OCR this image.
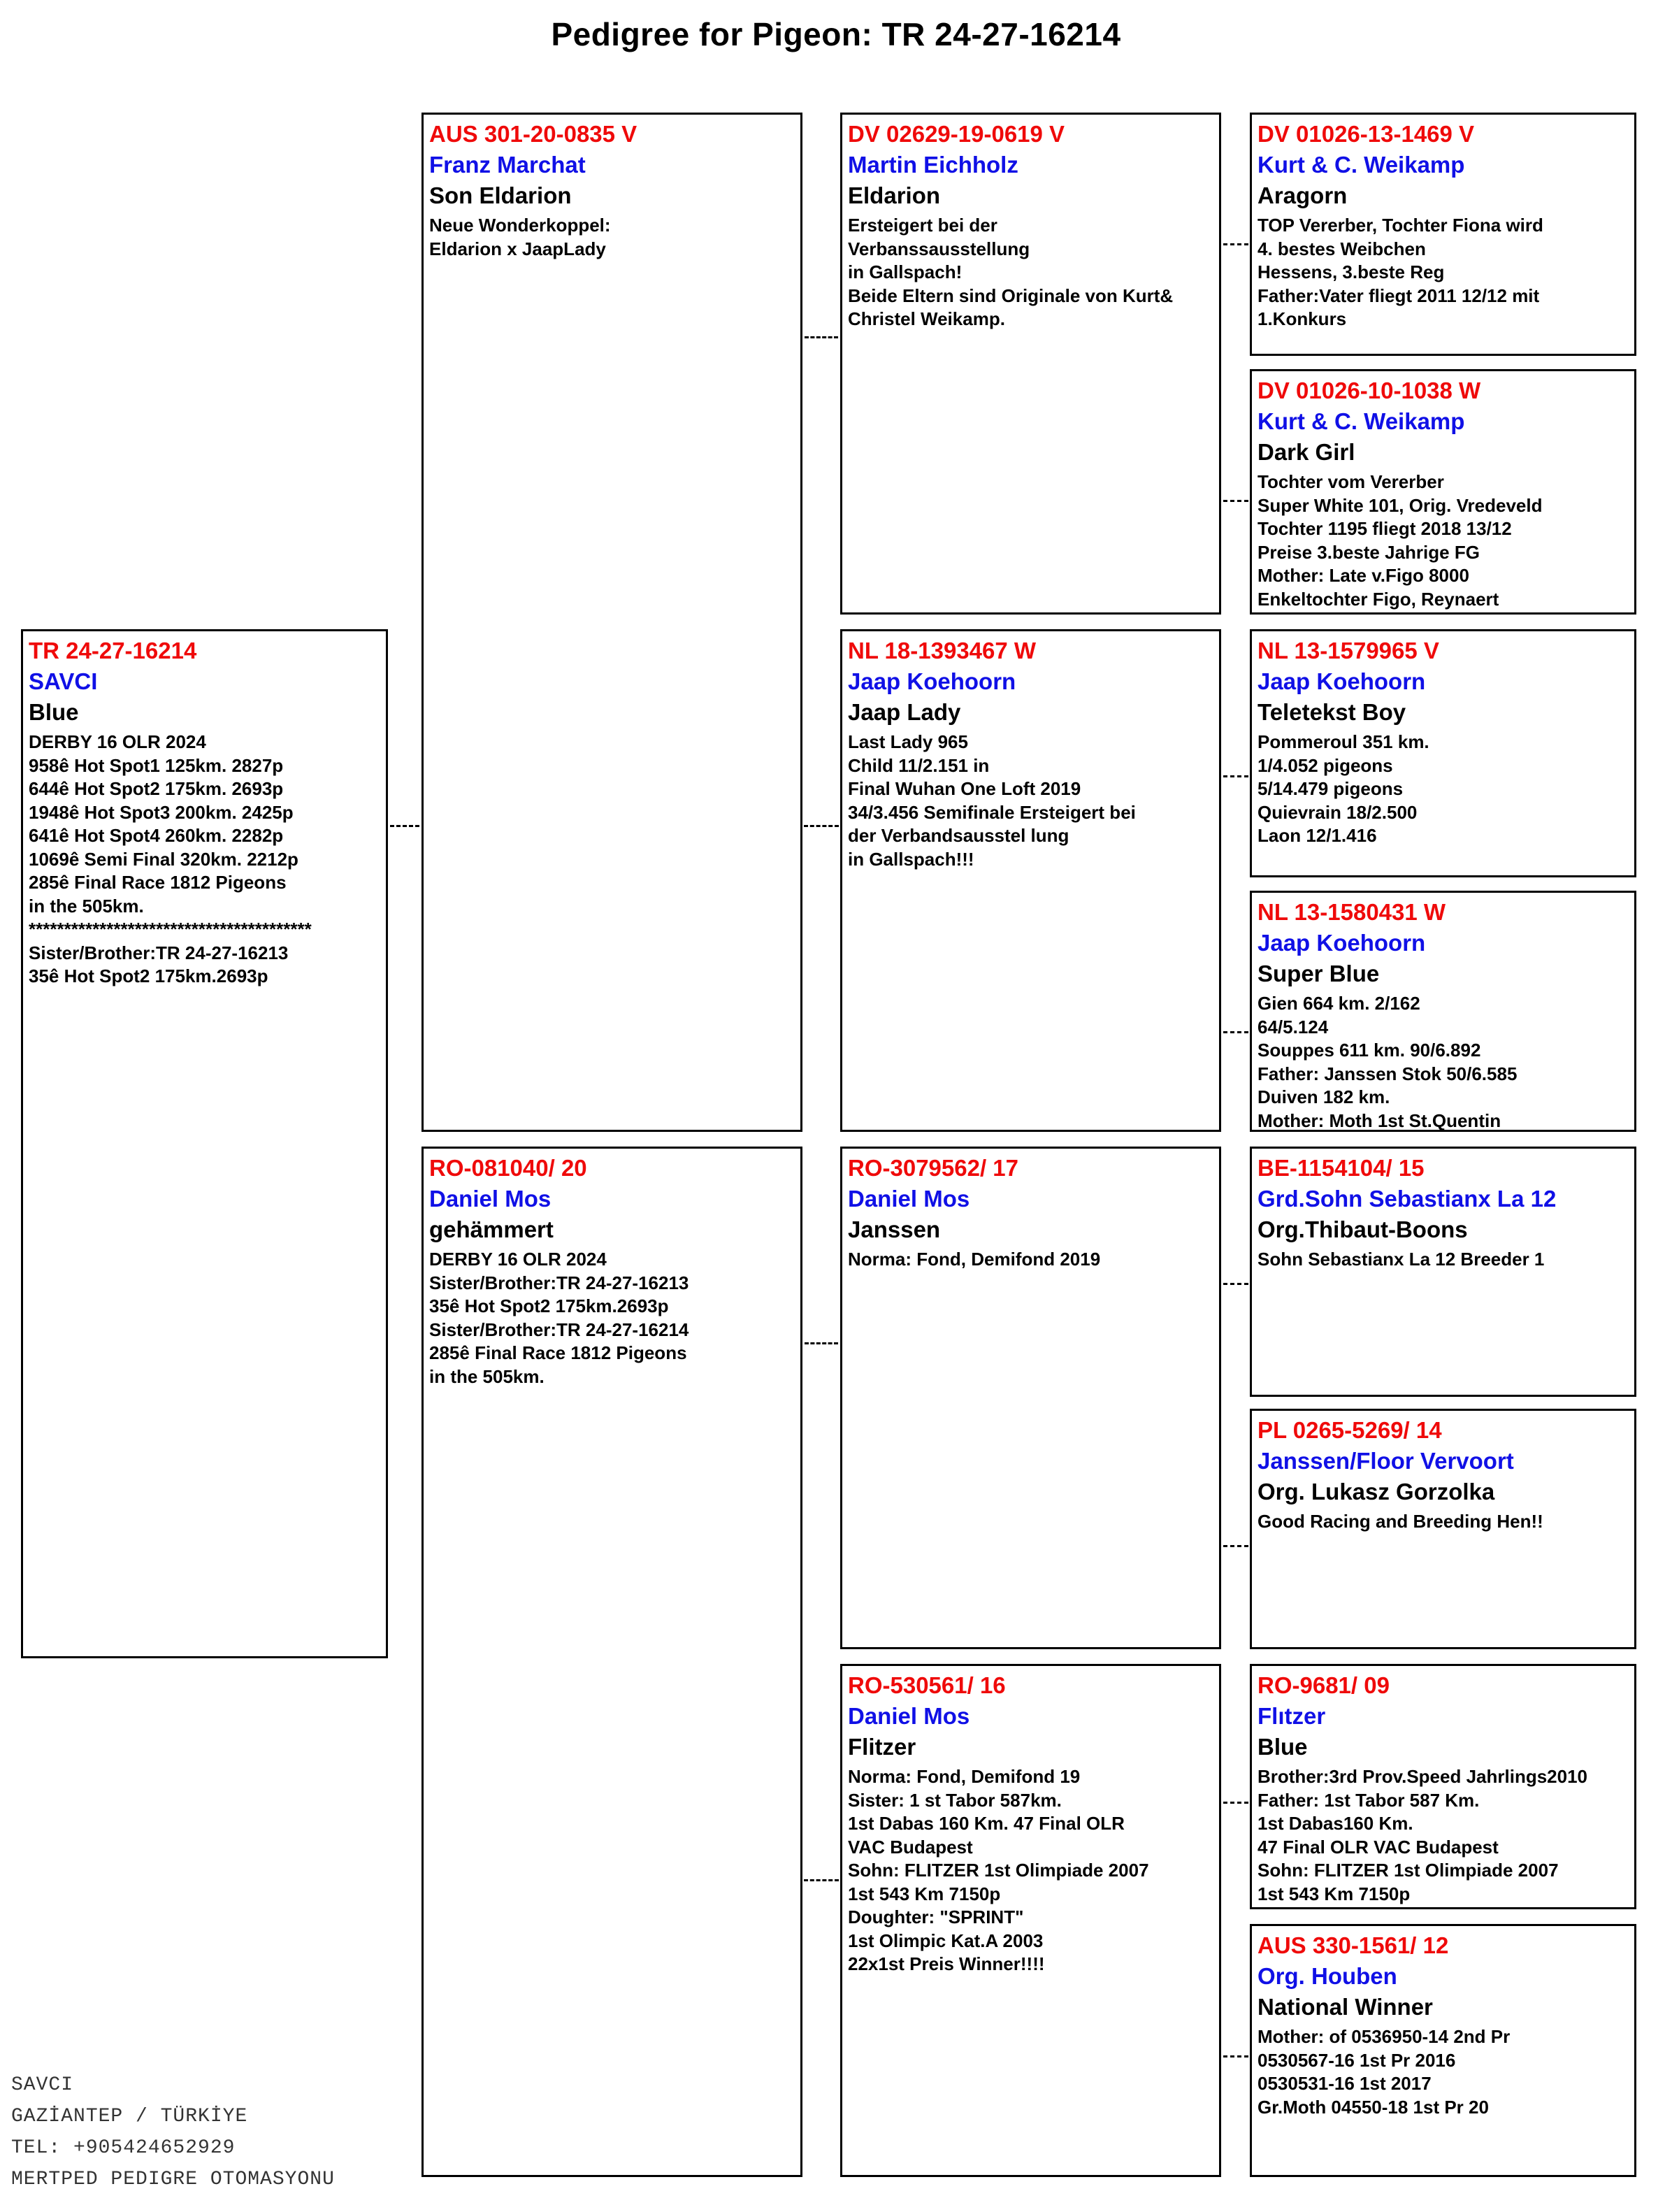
Pedigree for Pigeon: TR 24-27-16214
TR 24-27-16214
SAVCI
Blue
DERBY 16 OLR 2024
958ê Hot Spot1 125km. 2827p
644ê Hot Spot2 175km. 2693p
1948ê Hot Spot3 200km. 2425p
641ê Hot Spot4 260km. 2282p
1069ê Semi Final 320km. 2212p
285ê Final Race 1812 Pigeons
in the 505km.
****************************************
Sister/Brother:TR 24-27-16213
35ê Hot Spot2 175km.2693p
AUS 301-20-0835 V
Franz Marchat
Son Eldarion
Neue Wonderkoppel:
Eldarion x JaapLady
RO-081040/ 20
Daniel Mos
gehämmert
DERBY 16 OLR 2024
Sister/Brother:TR 24-27-16213
35ê Hot Spot2 175km.2693p
Sister/Brother:TR 24-27-16214
285ê Final Race 1812 Pigeons
in the 505km.
DV 02629-19-0619 V
Martin Eichholz
Eldarion
Ersteigert bei der
Verbanssausstellung
in Gallspach!
Beide Eltern sind Originale von Kurt&
Christel Weikamp.
NL 18-1393467 W
Jaap Koehoorn
Jaap Lady
Last Lady 965
Child 11/2.151 in
Final Wuhan One Loft 2019
34/3.456 Semifinale Ersteigert bei
der Verbandsausstel lung
in Gallspach!!!
RO-3079562/ 17
Daniel Mos
Janssen
Norma: Fond, Demifond 2019
RO-530561/ 16
Daniel Mos
Flitzer
Norma: Fond, Demifond 19
Sister: 1 st Tabor 587km.
1st Dabas 160 Km. 47 Final OLR
VAC Budapest
Sohn: FLITZER 1st Olimpiade 2007
1st 543 Km 7150p
Doughter: "SPRINT"
1st Olimpic Kat.A 2003
22x1st Preis Winner!!!!
DV 01026-13-1469 V
Kurt & C. Weikamp
Aragorn
TOP Vererber, Tochter Fiona wird
4. bestes Weibchen
Hessens, 3.beste Reg
Father:Vater fliegt 2011 12/12 mit
1.Konkurs
DV 01026-10-1038 W
Kurt & C. Weikamp
Dark Girl
Tochter vom Vererber
Super White 101, Orig. Vredeveld
Tochter 1195 fliegt 2018 13/12
Preise 3.beste Jahrige FG
Mother: Late v.Figo 8000
Enkeltochter Figo, Reynaert
NL 13-1579965 V
Jaap Koehoorn
Teletekst Boy
Pommeroul 351 km.
1/4.052 pigeons
5/14.479 pigeons
Quievrain 18/2.500
Laon 12/1.416
NL 13-1580431 W
Jaap Koehoorn
Super Blue
Gien 664 km. 2/162
64/5.124
Souppes 611 km. 90/6.892
Father: Janssen Stok 50/6.585
Duiven 182 km.
Mother: Moth 1st St.Quentin
BE-1154104/ 15
Grd.Sohn Sebastianx La 12
Org.Thibaut-Boons
Sohn Sebastianx La 12 Breeder 1
PL 0265-5269/ 14
Janssen/Floor Vervoort
Org. Lukasz Gorzolka
Good Racing and Breeding Hen!!
RO-9681/ 09
Flıtzer
Blue
Brother:3rd Prov.Speed Jahrlings2010
Father: 1st Tabor 587 Km.
1st Dabas160 Km.
47 Final OLR VAC Budapest
Sohn: FLITZER 1st Olimpiade 2007
1st 543 Km 7150p
AUS 330-1561/ 12
Org. Houben
National Winner
Mother: of 0536950-14 2nd Pr
0530567-16 1st Pr 2016
0530531-16 1st 2017
Gr.Moth 04550-18 1st Pr 20
SAVCI
GAZİANTEP / TÜRKİYE
TEL: +905424652929
MERTPED PEDIGRE OTOMASYONU
